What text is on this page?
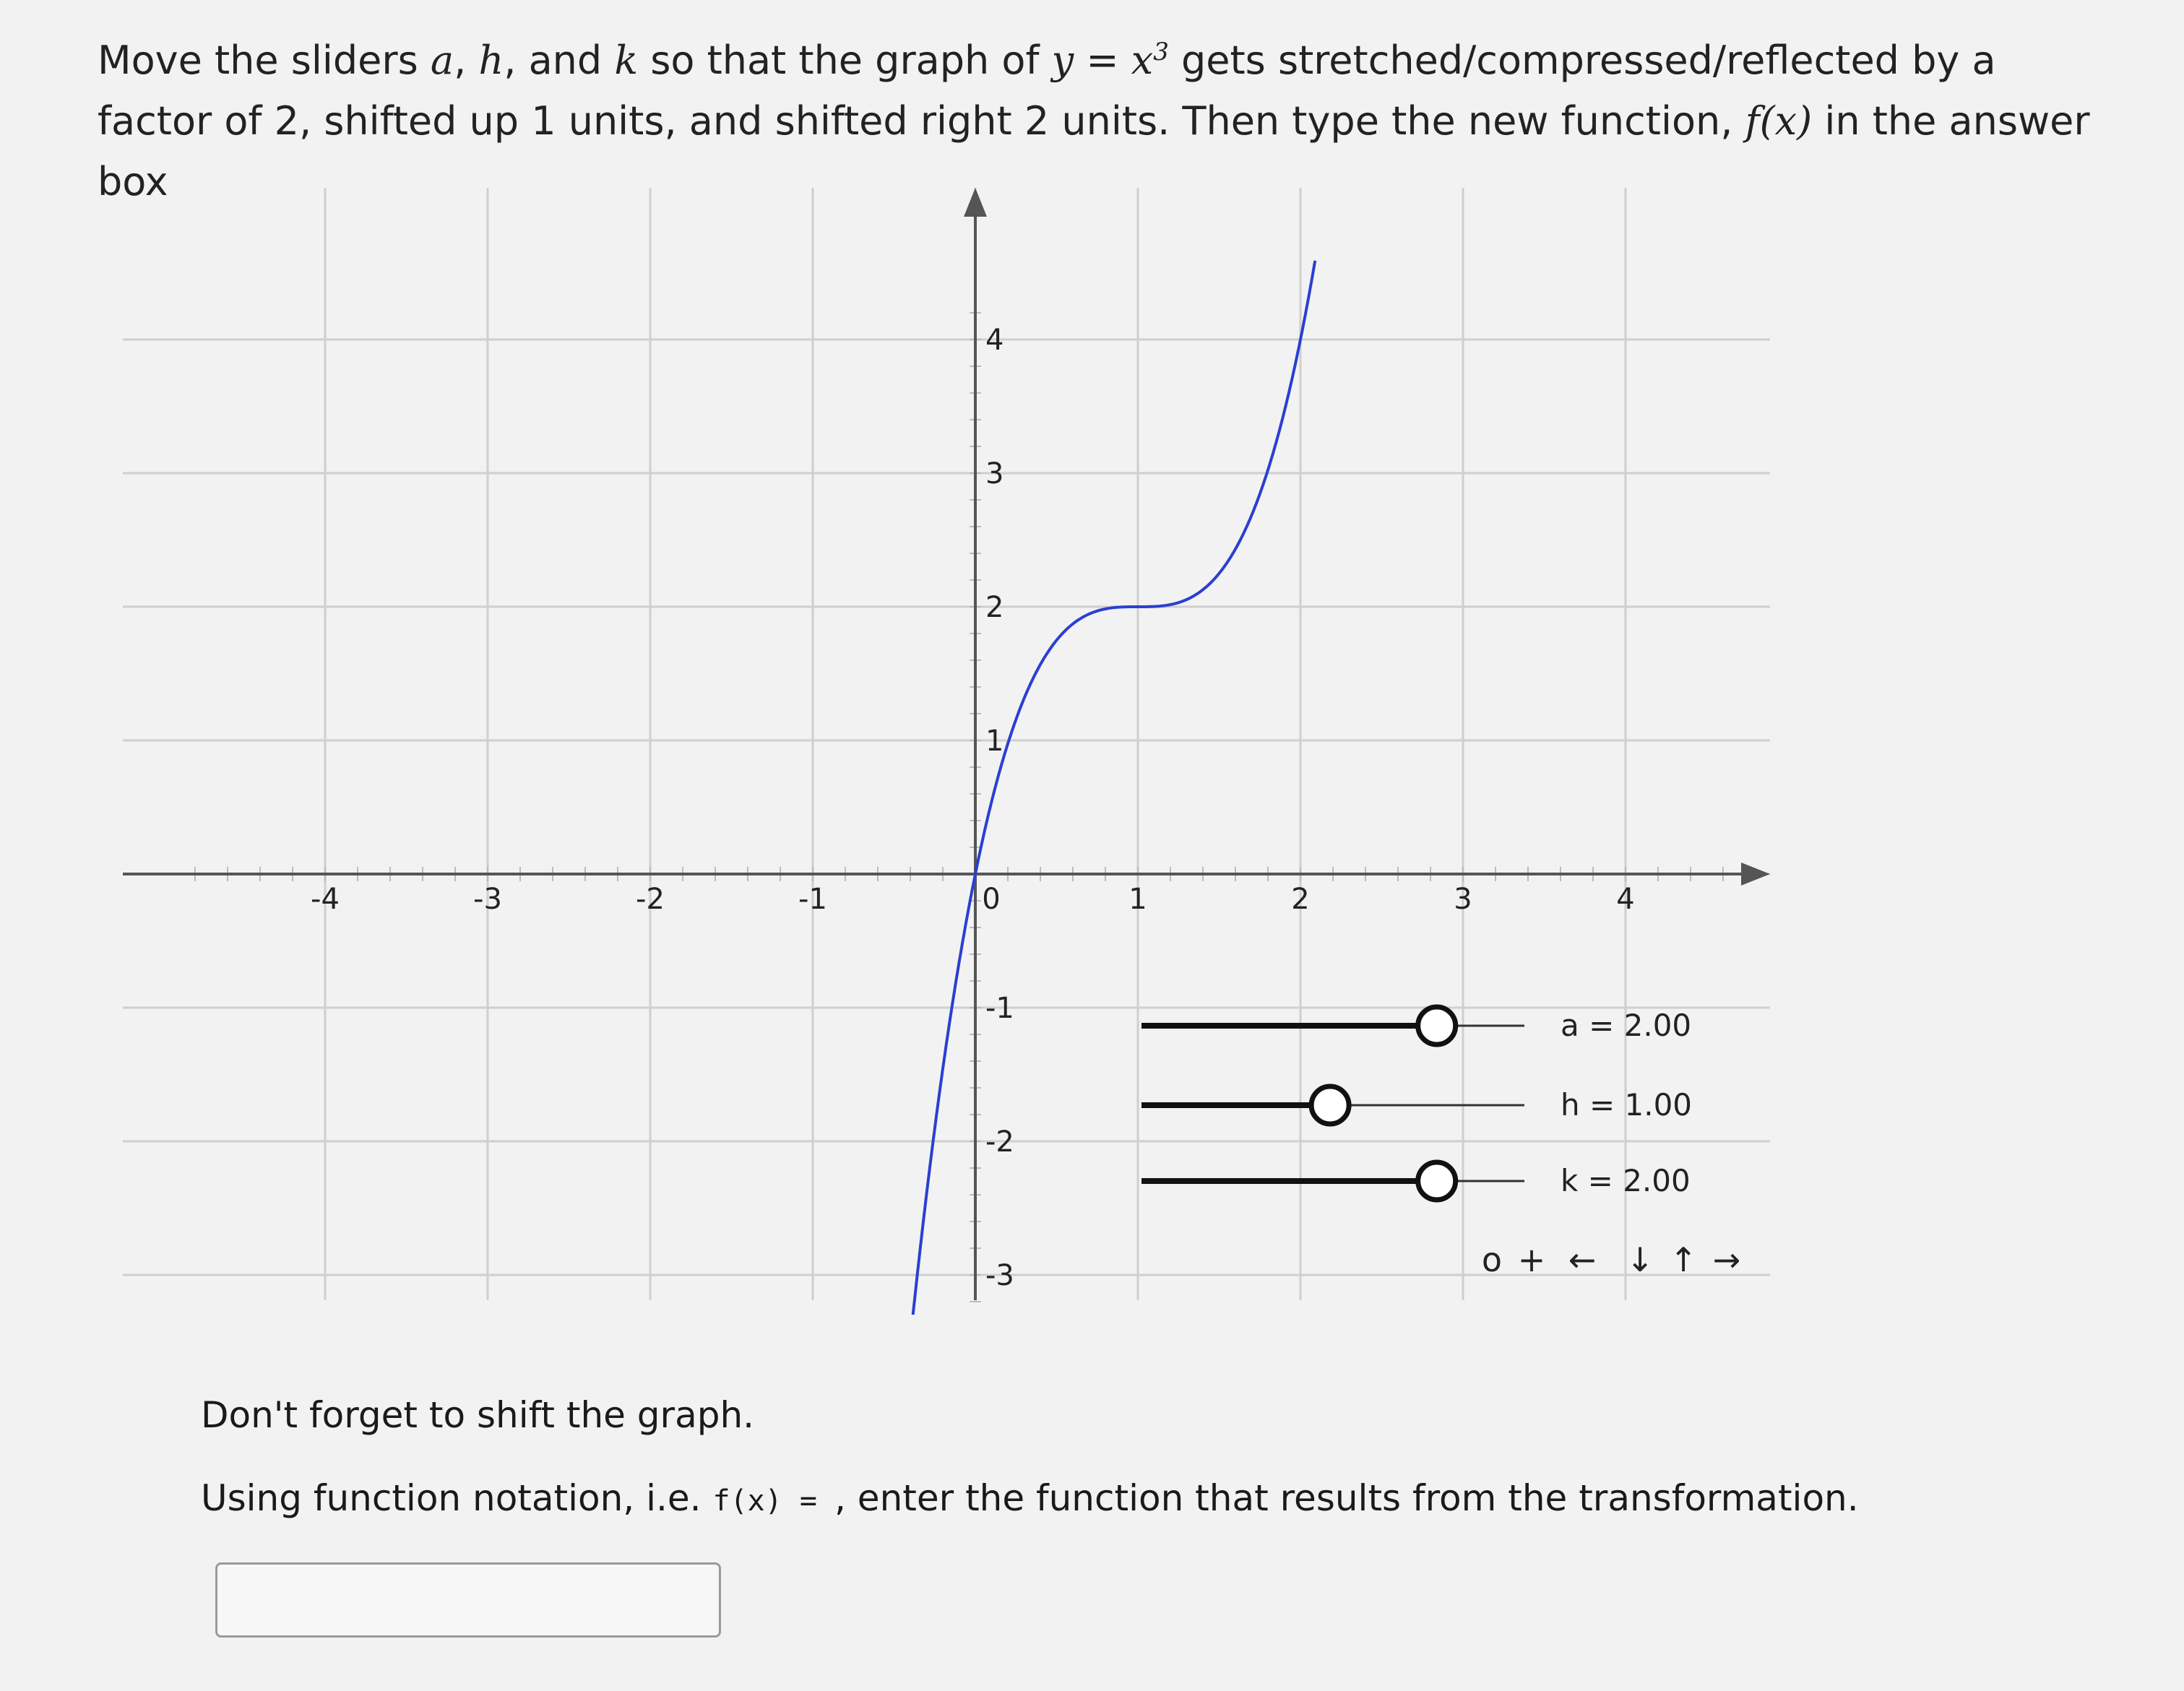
Move the sliders a, h, and k so that the graph of $y = x^3$ gets stretched/compressed/reflected by a factor of 2, shifted up 1 units, and shifted right 2 units. Then type the new function, f(x) in the answer box
-4	-3	-2	-1	0	1	2	3	4
4
3
2
1
-1
-2
-3
a = 2.00
h = 1.00
k = 2.00
o + ← ↓ ↑ →
Don't forget to shift the graph.
Using function notation, i.e. f(x) = , enter the function that results from the transformation.
